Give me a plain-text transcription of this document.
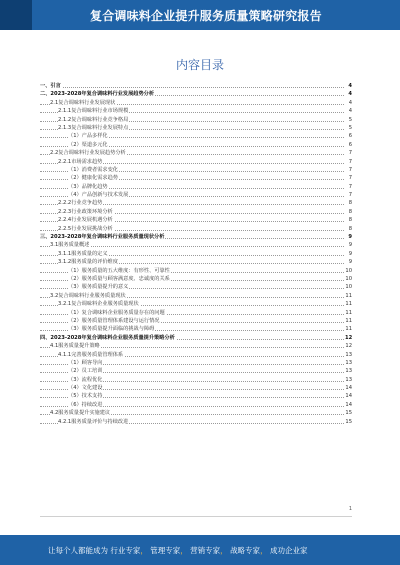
复合调味料企业提升服务质量策略研究报告
内容目录
一、引言	4
二、2023-2028年复合调味料行业发展趋势分析	4
2.1复合调味料行业发展现状	4
2.1.1复合调味料行业市场规模	4
2.1.2复合调味料行业竞争格局	5
2.1.3复合调味料行业发展特点	5
（1）产品多样化	6
（2）渠道多元化	6
2.2复合调味料行业发展趋势分析	7
2.2.1市场需求趋势	7
（1）消费者需求变化	7
（2）健康化需求趋势	7
（3）品牌化趋势	7
（4）产品创新与技术发展	7
2.2.2行业竞争趋势	8
2.2.3行业政策环境分析	8
2.2.4行业发展机遇分析	8
2.2.5行业发展挑战分析	8
三、2023-2028年复合调味料行业服务质量现状分析	9
3.1服务质量概述	9
3.1.1服务质量的定义	9
3.1.2服务质量的评价维度	9
（1）服务质量的五大维度：有形性、可靠性	10
（2）服务质量与顾客满意度、忠诚度的关系	10
（3）服务质量提升的意义	10
3.2复合调味料行业服务质量现状	11
3.2.1复合调味料企业服务质量现状	11
（1）复合调味料企业服务质量存在的问题	11
（2）服务质量管理体系建设与运行情况	11
（3）服务质量提升面临的挑战与障碍	11
四、2023-2028年复合调味料企业服务质量提升策略分析	12
4.1服务质量提升策略	12
4.1.1完善服务质量管理体系	13
（1）顾客导向	13
（2）员工培训	13
（3）流程优化	13
（4）文化建设	14
（5）技术支持	14
（6）持续改进	14
4.2服务质量提升实施建议	15
4.2.1服务质量评价与持续改进	15
1
让每个人都能成为 行业专家， 管理专家， 营销专家， 战略专家， 成功企业家
